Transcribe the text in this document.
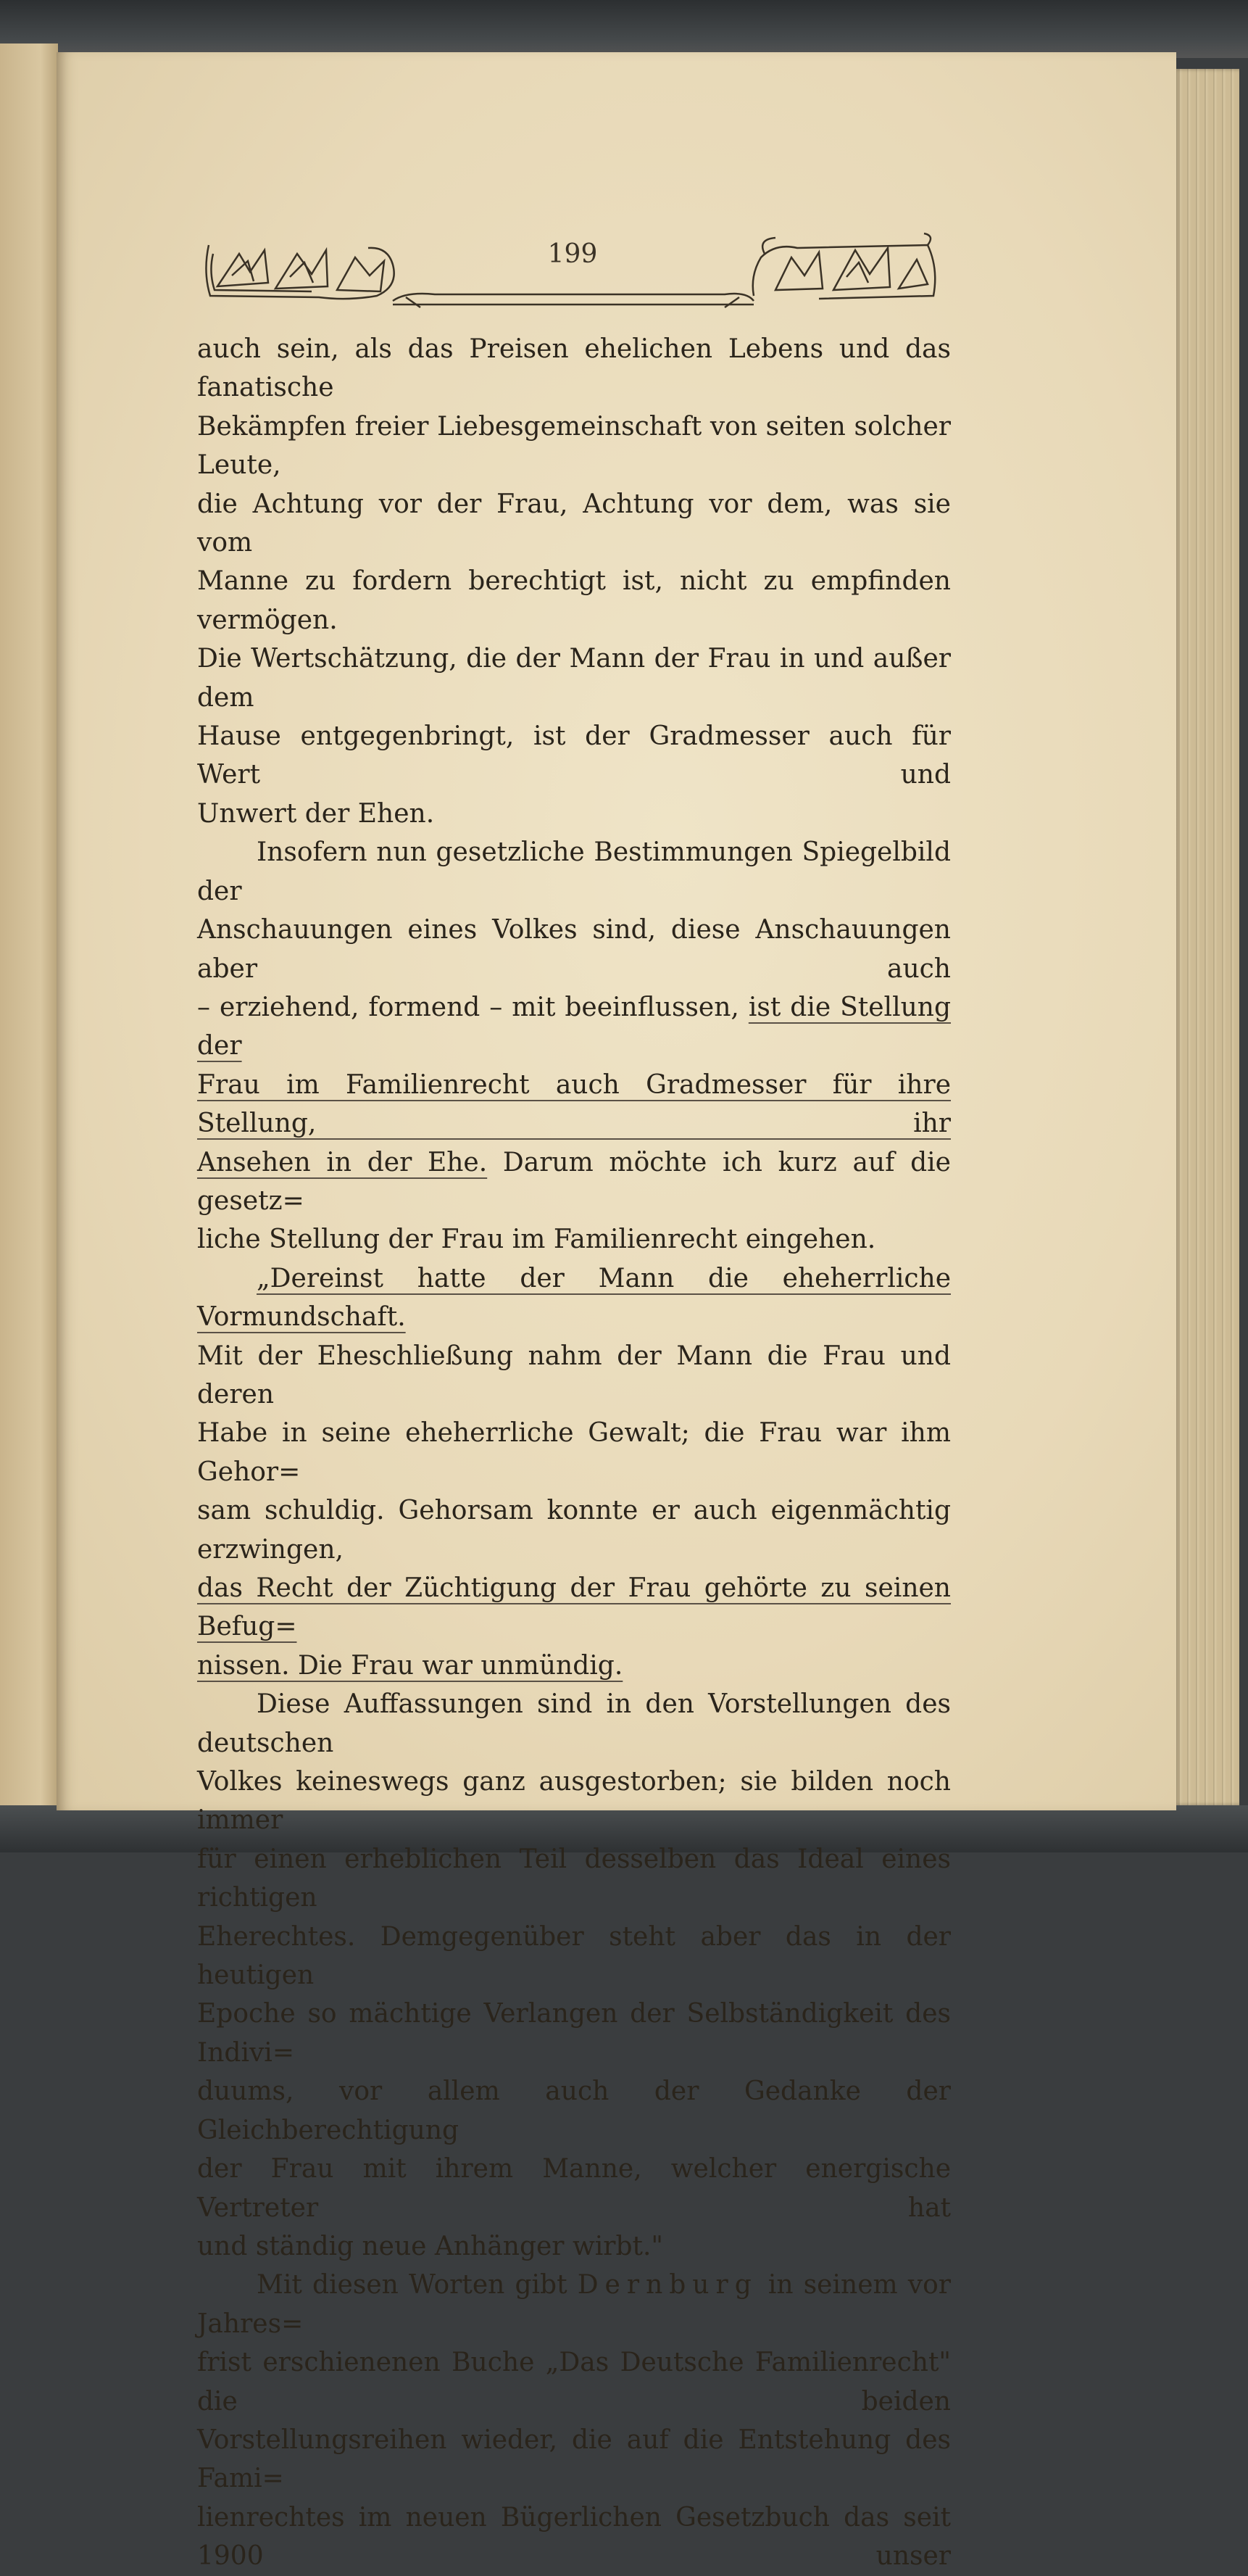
199

auch sein, als das Preisen ehelichen Lebens und das fanatische

Bekämpfen freier Liebesgemeinschaft von seiten solcher Leute,

die Achtung vor der Frau, Achtung vor dem, was sie vom

Manne zu fordern berechtigt ist, nicht zu empfinden vermögen.

Die Wertschätzung, die der Mann der Frau in und außer dem

Hause entgegenbringt, ist der Gradmesser auch für Wert und

Unwert der Ehen.

Insofern nun gesetzliche Bestimmungen Spiegelbild der

Anschauungen eines Volkes sind, diese Anschauungen aber auch

– erziehend, formend – mit beeinflussen, ist die Stellung der

Frau im Familienrecht auch Gradmesser für ihre Stellung, ihr

Ansehen in der Ehe. Darum möchte ich kurz auf die gesetz=

liche Stellung der Frau im Familienrecht eingehen.

„Dereinst hatte der Mann die eheherrliche Vormundschaft.

Mit der Eheschließung nahm der Mann die Frau und deren

Habe in seine eheherrliche Gewalt; die Frau war ihm Gehor=

sam schuldig. Gehorsam konnte er auch eigenmächtig erzwingen,

das Recht der Züchtigung der Frau gehörte zu seinen Befug=

nissen. Die Frau war unmündig.

Diese Auffassungen sind in den Vorstellungen des deutschen

Volkes keineswegs ganz ausgestorben; sie bilden noch immer

für einen erheblichen Teil desselben das Ideal eines richtigen

Eherechtes. Demgegenüber steht aber das in der heutigen

Epoche so mächtige Verlangen der Selbständigkeit des Indivi=

duums, vor allem auch der Gedanke der Gleichberechtigung

der Frau mit ihrem Manne, welcher energische Vertreter hat

und ständig neue Anhänger wirbt."

Mit diesen Worten gibt Dernburg in seinem vor Jahres=

frist erschienenen Buche „Das Deutsche Familienrecht" die beiden

Vorstellungsreihen wieder, die auf die Entstehung des Fami=

lienrechtes im neuen Bügerlichen Gesetzbuch das seit 1900 unser
